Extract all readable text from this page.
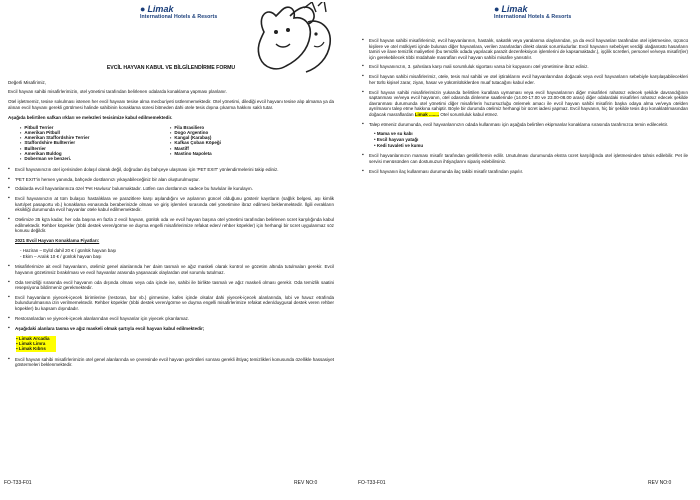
● Limak
International Hotels & Resorts
EVCİL HAYVAN KABUL VE BİLGİLENDİRME FORMU
Değerli Misafirimiz,
Evcil hayvan sahibi misafirlerimizin, otel yönetimi tarafından belirlenen odalarda konaklama yapması planlanır.
Otel işletmemiz, tesise sokulması istenen her evcil hayvanı tesise alma mecburiyeti üstlenmemektedir. Otel yönetimi, dilediği evcil hayvanı tesise alıp almama ya da alınan evcil hayvanı gerekli görülmesi halinde sahibinin konaklama süresi bitmeden dahi otele tesis dışına çıkarma hakkını saklı tutar.
Aşağıda belirtilen safkan ırkları ve melezleri tesisimize kabul edilmemektedir.
▪ Pitbull Terrier
▪ Amerikan Pitbull
▪ Amerikan Staffordshire Terrier
▪ Staffordshire Bullterrier
▪ Bullterrier
▪ Amerikan Buldog
▪ Doberman ve benzeri.
▪ Fila Brasiliero
▪ Dogo Argentino
▪ Kangal (Karabaş)
▪ Kafkas Çoban Köpeği
▪ Mastiff
▪ Mastino Napoleta
▪ Evcil hayvanınızın otel içerisinden dolaşıl olarak değil, doğrudan dış bahçeye ulaşması için 'PET EXIT' yönlendirmelerini takip ediniz.
▪ 'PET EXIT'in hemen yanında, bahçede dostlarınızı yıkayabileceğiniz bir alan oluşturulmuştur.
▪ Odalarda evcil hayvanlarınıza özel 'Pet Havlusu' bulunmaktadır. Lütfen can dostlarınızı sadece bu havlular ile kurulayın.
▪ Evcil hayvanınızın at tüm bulaşıcı hastalıklara ve parazitlere karşı aşılandığını ve aşılarının güncel olduğunu gösterir kayıtların (sağlık belgesi, aşı kimlik kartı/pet pasaportu vb.) konaklama esnasında beraberinizde olması ve giriş işlemleri sırasında otel yönetimine ibraz edilmesi beklenmektedir. İlgili evrakların eksikliği durumunda evcil hayvanlar otele kabul edilmemektedir.
▪ Otelimize 35 kg'a kadar, her oda başına en fazla 2 evcil hayvan, günlük oda ve evcil hayvan başına otel yönetimi tarafından belirlenen ücret karşılığında kabul edilmektedir. Rehber köpekler (tıbbi destek veren/görme ve duyma engelli misafirlerimize refakat eden/ rehber köpekler) için herhangi bir ücret uygulanmaz söz konusu değildir.
2021 Evcil Hayvan Konaklama Fiyatları:
- Haziran – Eylül dahil 20 € / günlük hayvan başı
- Ekim – Aralık 10 € / günlük hayvan başı
▪ Misafirlerimize ait evcil hayvanların, otelimiz genel alanlarında her daim tasmalı ve ağız maskeli olarak kontrol ve gözetim altında tutulmaları gerekir. Evcil hayvanın gözetimsiz bırakılması ve evcil hayvanlar arasında yaşanacak olaylardan otel sorumlu tutulmaz.
▪ Oda temizliği sırasında evcil hayvanın oda dışında olması veya oda içinde ise, sahibi ile birlikte tasmalı ve ağız maskeli olması gerekir. Oda temizlik saatini resepsiyona bildirmeniz gerekmektedir.
▪ Evcil hayvanların yiyecek-içecek birimlerine (restoran, bar vb.) girmesine, kafes içinde olsalar dahi yiyecek-içecek alanlarında, lobi ve havuz etrafında bulundurulmasına izin verilmemektedir. Rehber köpekler (tıbbi destek veren/görme ve duyma engelli misafirlerimize refakat eden/duygusal destek veren rehber köpekler) bu kapsam dışındadır.
▪ Restoranlardan ve yiyecek-içecek alanlarından evcil hayvanlar için yiyecek çıkarılamaz.
▪ Aşağıdaki alanlara tasma ve ağız maskeli olmak şartıyla evcil hayvan kabul edilmektedir;
▪ Limak Arcadia
▪ Limak Limra
▪ Limak Kıbrıs
▪ Evcil hayvan sahibi misafirlerimizin otel genel alanlarında ve çevresinde evcil hayvan gezintileri sonrası gerekli ihtiyaç temizlikleri konusunda özellikle hassasiyet göstermeleri beklenmektedir.
FO-T33-F01	REV NO:0
● Limak
International Hotels & Resorts
▪ Evcil hayvan sahibi misafirlerimiz, evcil hayvanlarının, hastalık, sakatlık veya yaralanma olaylarından, ya da evcil hayvanları tarafından otel işletmesine, üçüncü kişilere ve otel mülkiyeti içinde bulunan diğer hayvanlara, verilen zararlardan direkt olarak sorumludurlar. Evcil hayvanın sebebiyet verdiği olağanüstü hasarların tamiri ve ilave temizlik maliyetleri (bu temizlik odada yapılacak parazit dezenfeksiyon işlemlerini de kapsamaktadır.), işçilik ücretleri, personel ve/veya misafir(ler) için gerekebilecek tıbbi müdahale masrafları evcil hayvan sahibi misafire yansıtılır.
▪ Evcil hayvanınızın, 3. şahıslara karşı mali sorumluluk sigortası varsa bir kopyasını otel yönetimine ibraz ediniz.
▪ Evcil hayvan sahibi misafirlerimiz, otele, tesis mal sahibi ve otel iştiraklarını evcil hayvanlarından doğacak veya evcil hayvanların sebebiyle karşılaşabilecekleri her türlü kişisel zarar, ziyan, hasar ve yükümlülüklerden muaf tutacağını kabul eder.
▪ Evcil hayvan sahibi misafirlerimizin yukarıda belirtilen kurallara uymaması veya evcil hayvanlarının diğer misafirleri rahatsız edecek şekilde davrandığının saptanması ve/veya evcil hayvanın, otel odasında dinlenme saatlerinde (14.00-17.00 ve 23.00-08.00 arası) diğer odalardaki misafirleri rahatsız edecek şekilde davranması durumunda otel yönetimi diğer misafirlerin huzursuzluğu önlemek amacı ile evcil hayvan sahibi misafirin başka odaya alma ve/veya otelden ayrılmasını talep etme hakkına sahiptir. Böyle bir durumda otelimiz herhangi bir ücret iadesi yapmaz. Evcil hayvanın, hiç bir şekilde tesis dışı konaklatılmasından doğacak masraflardan Limak ........ Otel sorumluluk kabul etmez.
▪ Talep etmeniz durumunda, evcil hayvanlarınızın odada kullanması için aşağıda belirtilen ekipmanlar konaklama sırasında tarafımızca temin edilecektir.
• Mama ve su kabı
• Evcil hayvan yatağı
• Kedi tuvaleti ve kumu
▪ Evcil hayvanlarınızın maması misafir tarafından getirilir/temin edilir. Unutulması durumunda ekstra ücret karşılığında otel işletmesinden tahsis edilebilir. Pet ile servisi menüsünden can dostunuzun ihtiyaçlarını sipariş edebilirsiniz.
▪ Evcil hayvanın ilaç kullanması durumunda ilaç takibi misafir tarafından yapılır.
FO-T33-F01	REV NO:0
